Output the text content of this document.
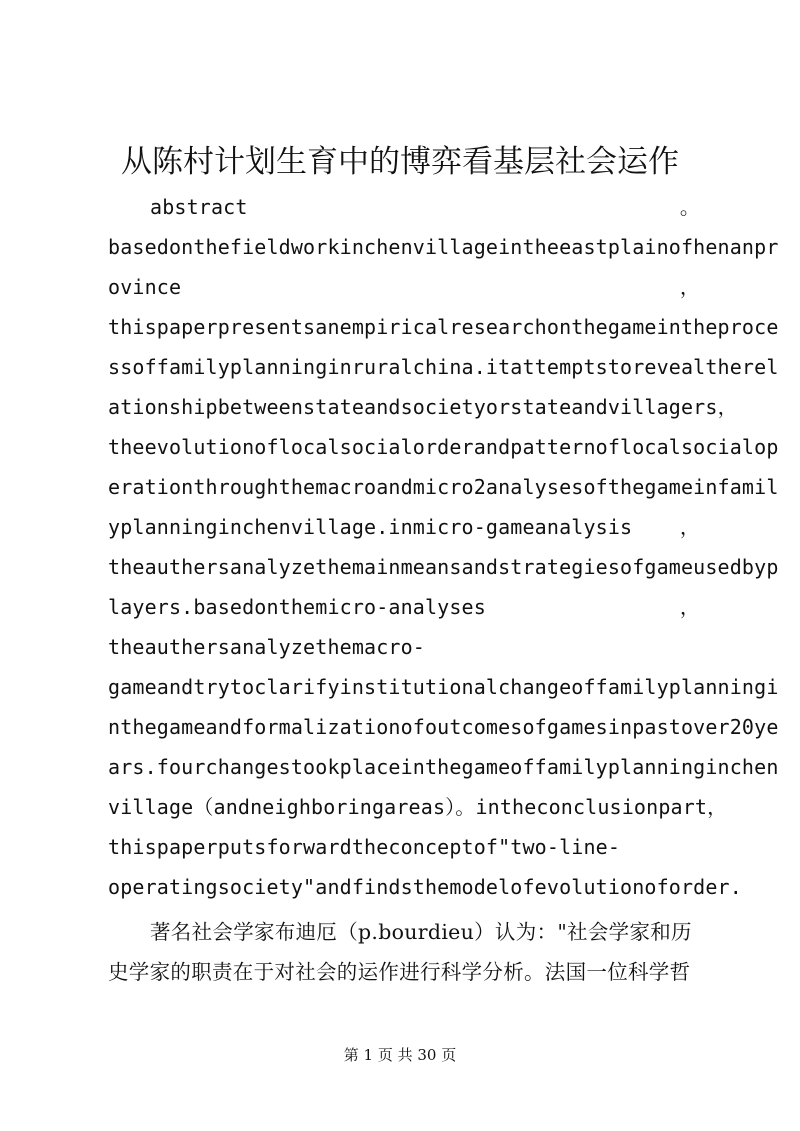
从陈村计划生育中的博弈看基层社会运作
abstract	。
basedonthefieldworkinchenvillageintheeastplainofhenanpr
ovince	，
thispaperpresentsanempiricalresearchonthegameintheproce
ssoffamilyplanninginruralchina.itattemptstorevealtherel
ationshipbetweenstateandsocietyorstateandvillagers ，
theevolutionoflocalsocialorderandpatternoflocalsocialop
erationthroughthemacroandmicro2analysesofthegameinfamil
yplanninginchenvillage.inmicro-gameanalysis ，
theauthersanalyzethemainmeansandstrategiesofgameusedbyp
layers.basedonthemicro-analyses	，
theauthersanalyzethemacro-
gameandtrytoclarifyinstitutionalchangeoffamilyplanningi
nthegameandformalizationofoutcomesofgamesinpastover20ye
ars.fourchangestookplaceinthegameoffamilyplanninginchen
village （ andneighboringareas ）。 intheconclusionpart ，
thispaperputsforwardtheconceptof"two-line-
operatingsociety"andfindsthemodelofevolutionoforder.
著名社会学家布迪厄（p.bourdieu）认为："社会学家和历
史学家的职责在于对社会的运作进行科学分析。法国一位科学哲
第 1 页 共 30 页
